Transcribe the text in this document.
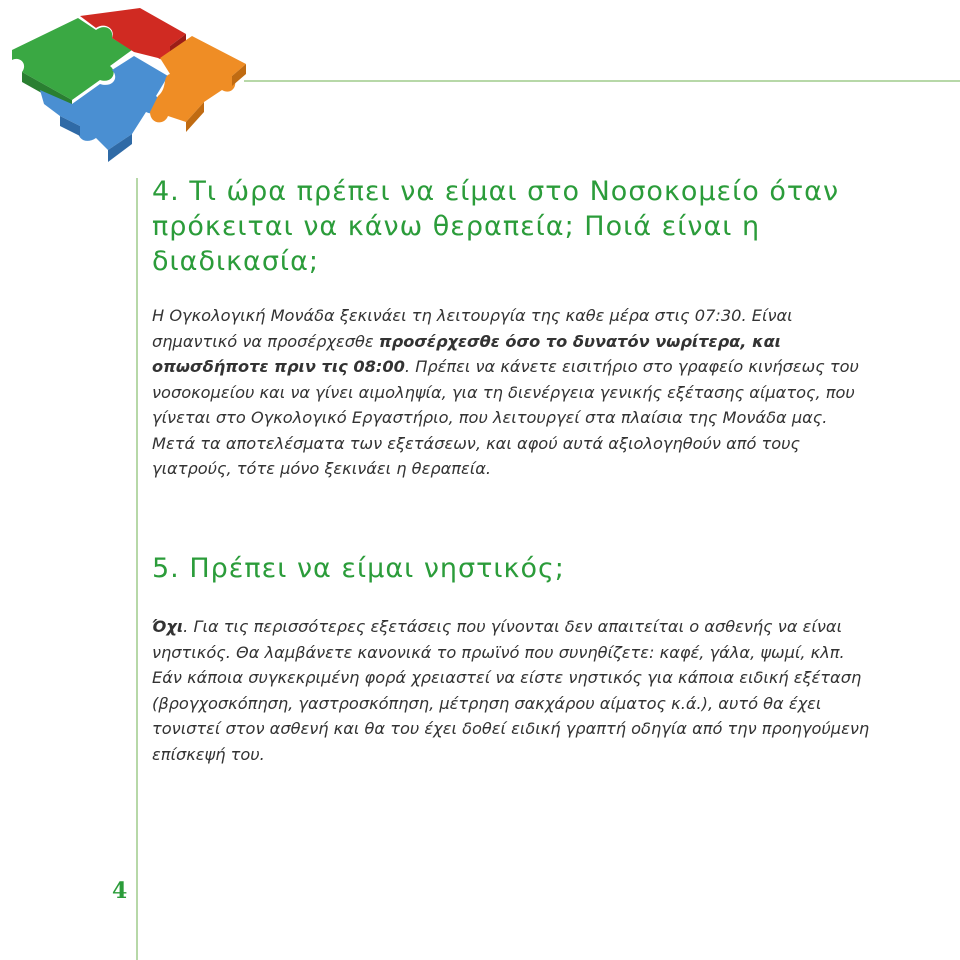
4. Τι ώρα πρέπει να είμαι στο Νοσοκομείο όταν πρόκειται να κάνω θεραπεία; Ποιά είναι η διαδικασία;

Η Ογκολογική Μονάδα ξεκινάει τη λειτουργία της καθε μέρα στις 07:30. Είναι σημαντικό να προσέρχεσθε προσέρχεσθε όσο το δυνατόν νωρίτερα, και οπωσδήποτε πριν τις 08:00. Πρέπει να κάνετε εισιτήριο στο γραφείο κινήσεως του νοσοκομείου και να γίνει αιμοληψία, για τη διενέργεια γενικής εξέτασης αίματος, που γίνεται στο Ογκολογικό Εργαστήριο, που λειτουργεί στα πλαίσια της Μονάδα μας. Μετά τα αποτελέσματα των εξετάσεων, και αφού αυτά αξιολογηθούν από τους γιατρούς, τότε μόνο ξεκινάει η θεραπεία.

5. Πρέπει να είμαι νηστικός;

Όχι. Για τις περισσότερες εξετάσεις που γίνονται δεν απαιτείται ο ασθενής να είναι νηστικός. Θα λαμβάνετε κανονικά το πρωϊνό που συνηθίζετε: καφέ, γάλα, ψωμί, κλπ. Εάν κάποια συγκεκριμένη φορά χρειαστεί να είστε νηστικός για κάποια ειδική εξέταση (βρογχοσκόπηση, γαστροσκόπηση, μέτρηση σακχάρου αίματος κ.ά.), αυτό θα έχει τονιστεί στον ασθενή και θα του έχει δοθεί ειδική γραπτή οδηγία από την προηγούμενη επίσκεψή του.

4
